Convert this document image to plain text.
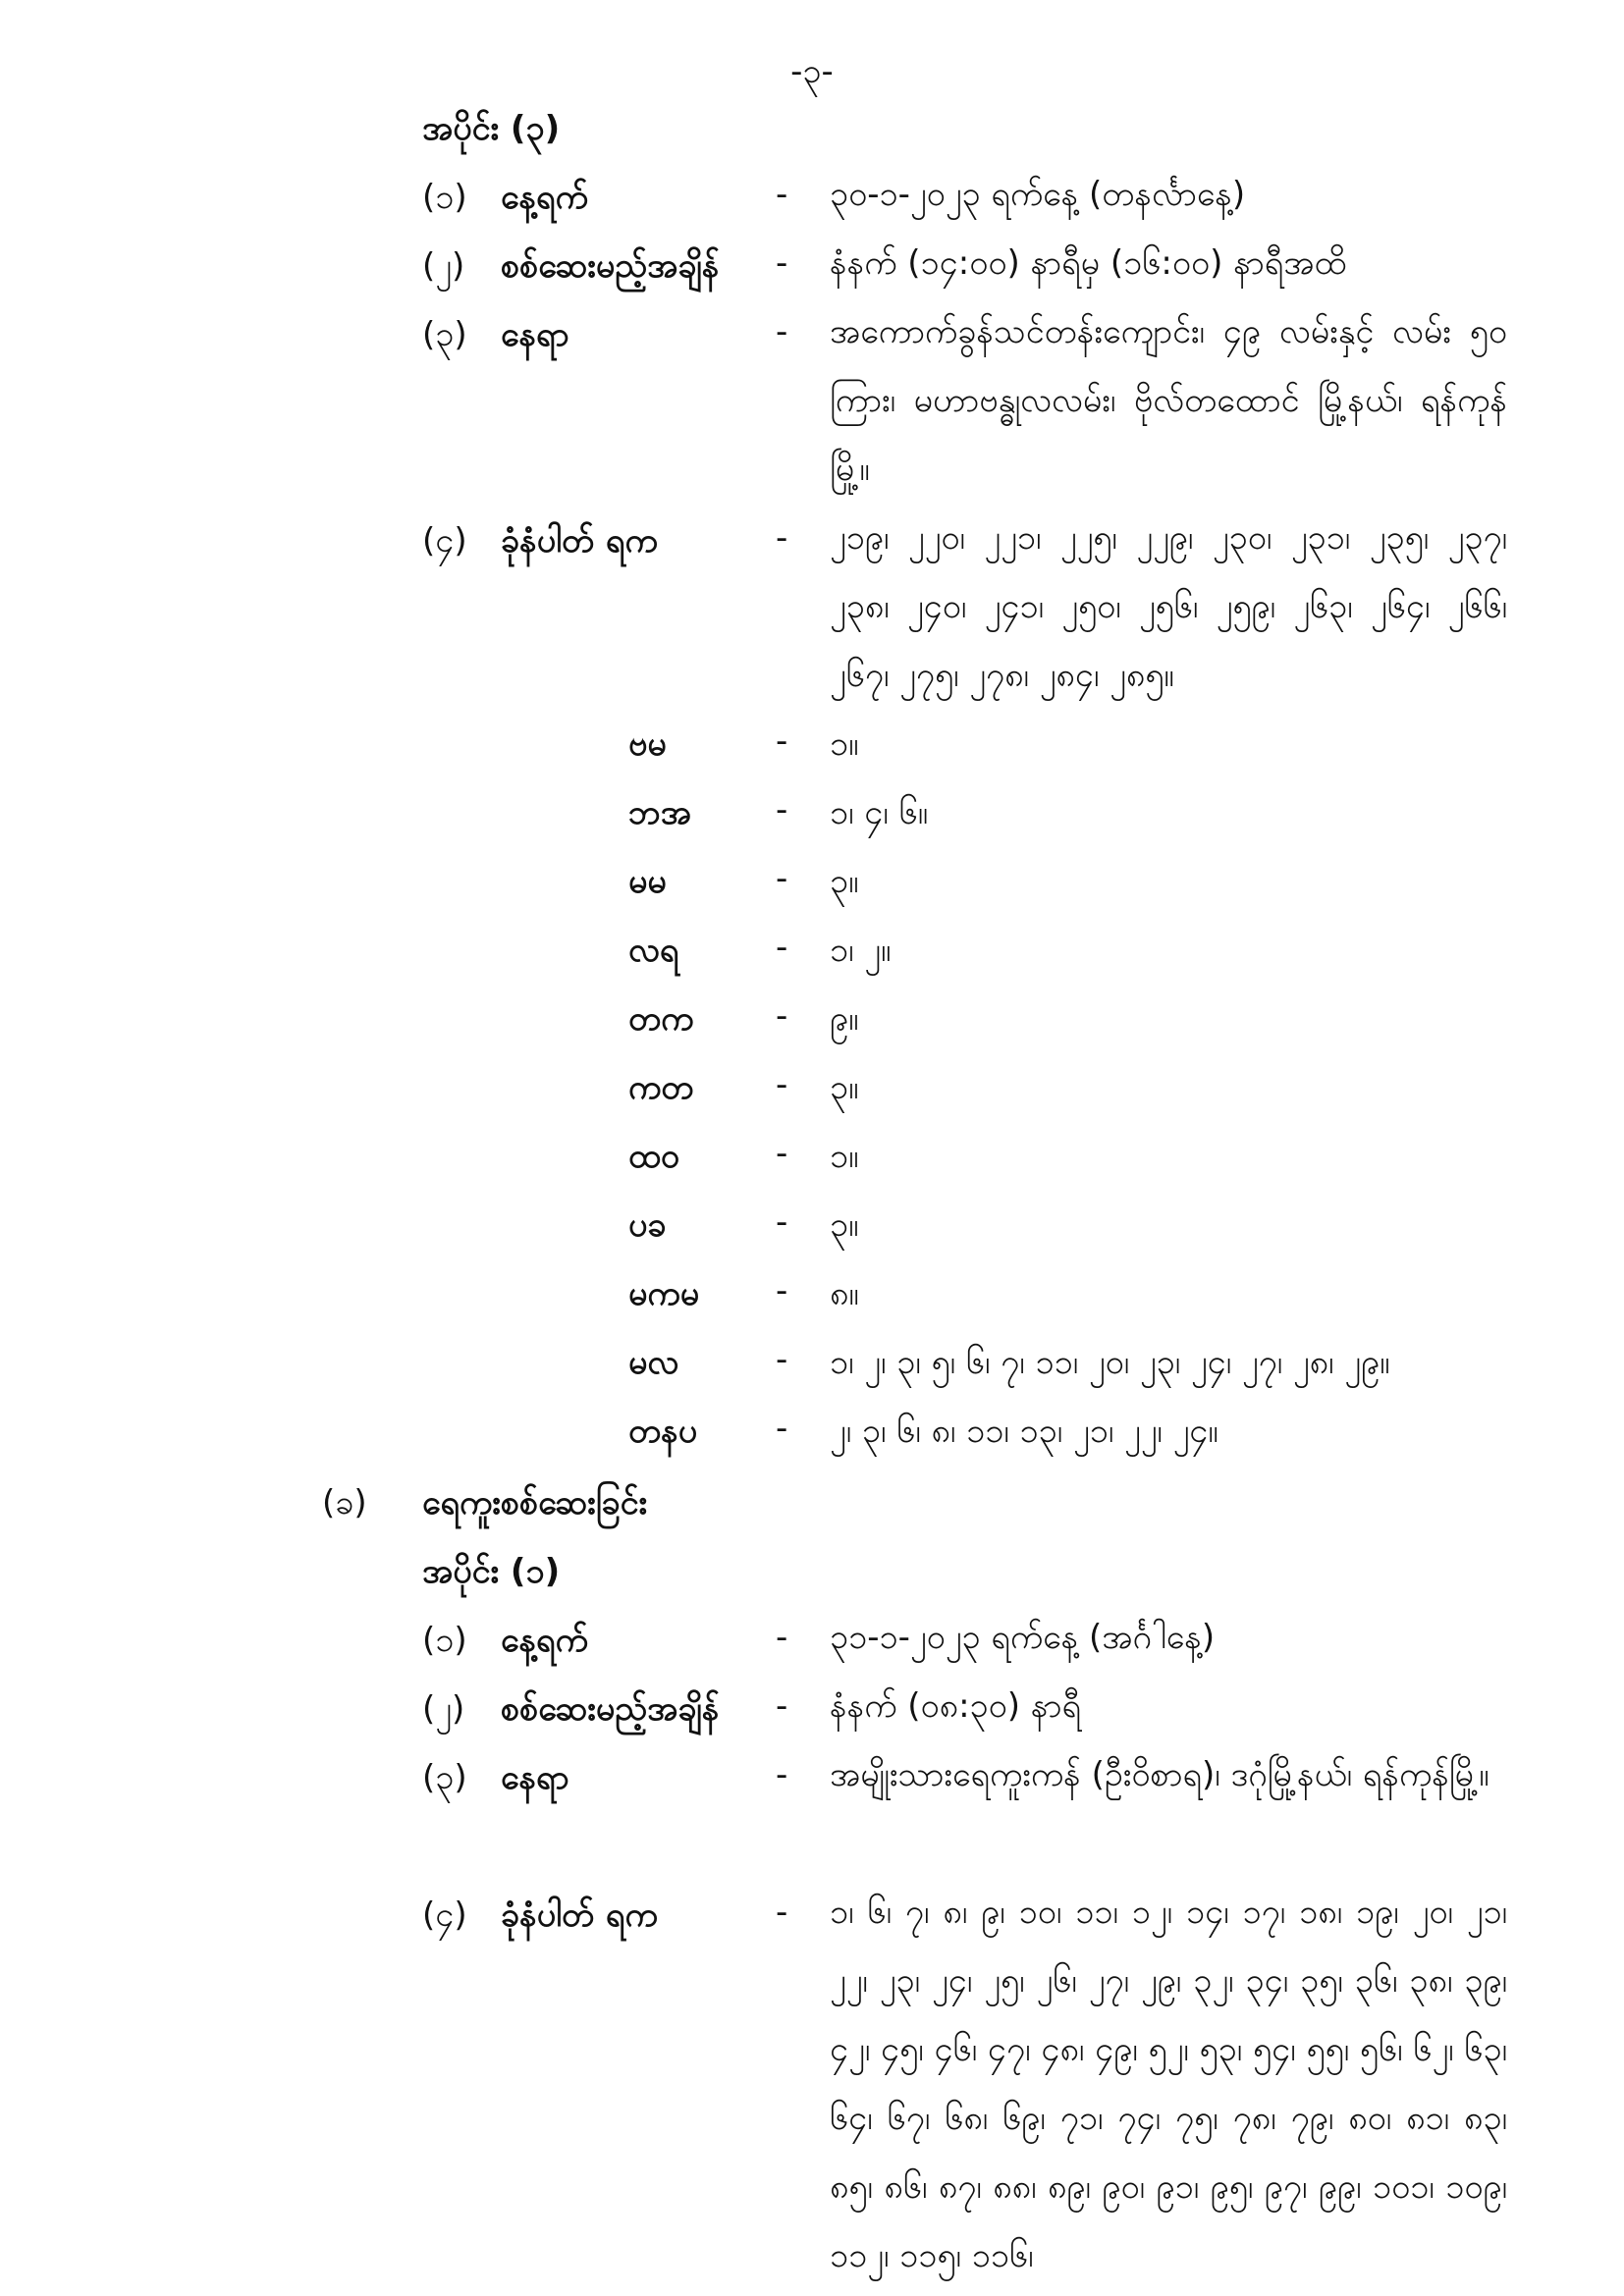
-၃-
အပိုင်း (၃)
(၁) နေ့ရက်	- ၃၀-၁-၂၀၂၃ ရက်နေ့ (တနင်္လာနေ့)
(၂) စစ်ဆေးမည့်အချိန် - နံနက် (၁၄:၀၀) နာရီမှ (၁၆:၀၀) နာရီအထိ
(၃) နေရာ	- အကောက်ခွန်သင်တန်းကျောင်း၊ ၄၉ လမ်းနှင့် လမ်း ၅၀ ကြား၊ မဟာဗန္ဓုလလမ်း၊ ဗိုလ်တထောင် မြို့နယ်၊ ရန်ကုန်မြို့။
(၄) ခုံနံပါတ် ရက	- ၂၁၉၊ ၂၂၀၊ ၂၂၁၊ ၂၂၅၊ ၂၂၉၊ ၂၃၀၊ ၂၃၁၊ ၂၃၅၊ ၂၃၇၊ ၂၃၈၊ ၂၄၀၊ ၂၄၁၊ ၂၅၀၊ ၂၅၆၊ ၂၅၉၊ ၂၆၃၊ ၂၆၄၊ ၂၆၆၊ ၂၆၇၊ ၂၇၅၊ ၂၇၈၊ ၂၈၄၊ ၂၈၅။
ဗမ	- ၁။
ဘအ	- ၁၊ ၄၊ ၆။
မမ	- ၃။
လရ	- ၁၊ ၂။
တက - ၉။
ကတ - ၃။
ထဝ	- ၁။
ပခ	- ၃။
မကမ - ၈။
မလ	- ၁၊ ၂၊ ၃၊ ၅၊ ၆၊ ၇၊ ၁၁၊ ၂၀၊ ၂၃၊ ၂၄၊ ၂၇၊ ၂၈၊ ၂၉။
တနပ - ၂၊ ၃၊ ၆၊ ၈၊ ၁၁၊ ၁၃၊ ၂၁၊ ၂၂၊ ၂၄။
(ခ) ရေကူးစစ်ဆေးခြင်း
အပိုင်း (၁)
(၁) နေ့ရက်	- ၃၁-၁-၂၀၂၃ ရက်နေ့ (အင်္ဂါနေ့)
(၂) စစ်ဆေးမည့်အချိန် - နံနက် (၀၈:၃၀) နာရီ
(၃) နေရာ	- အမျိုးသားရေကူးကန် (ဦးဝိစာရ)၊ ဒဂုံမြို့နယ်၊ ရန်ကုန်မြို့။
(၄) ခုံနံပါတ် ရက	- ၁၊ ၆၊ ၇၊ ၈၊ ၉၊ ၁၀၊ ၁၁၊ ၁၂၊ ၁၄၊ ၁၇၊ ၁၈၊ ၁၉၊ ၂၀၊ ၂၁၊ ၂၂၊ ၂၃၊ ၂၄၊ ၂၅၊ ၂၆၊ ၂၇၊ ၂၉၊ ၃၂၊ ၃၄၊ ၃၅၊ ၃၆၊ ၃၈၊ ၃၉၊ ၄၂၊ ၄၅၊ ၄၆၊ ၄၇၊ ၄၈၊ ၄၉၊ ၅၂၊ ၅၃၊ ၅၄၊ ၅၅၊ ၅၆၊ ၆၂၊ ၆၃၊ ၆၄၊ ၆၇၊ ၆၈၊ ၆၉၊ ၇၁၊ ၇၄၊ ၇၅၊ ၇၈၊ ၇၉၊ ၈၀၊ ၈၁၊ ၈၃၊ ၈၅၊ ၈၆၊ ၈၇၊ ၈၈၊ ၈၉၊ ၉၀၊ ၉၁၊ ၉၅၊ ၉၇၊ ၉၉၊ ၁၀၁၊ ၁၀၉၊ ၁၁၂၊ ၁၁၅၊ ၁၁၆၊
